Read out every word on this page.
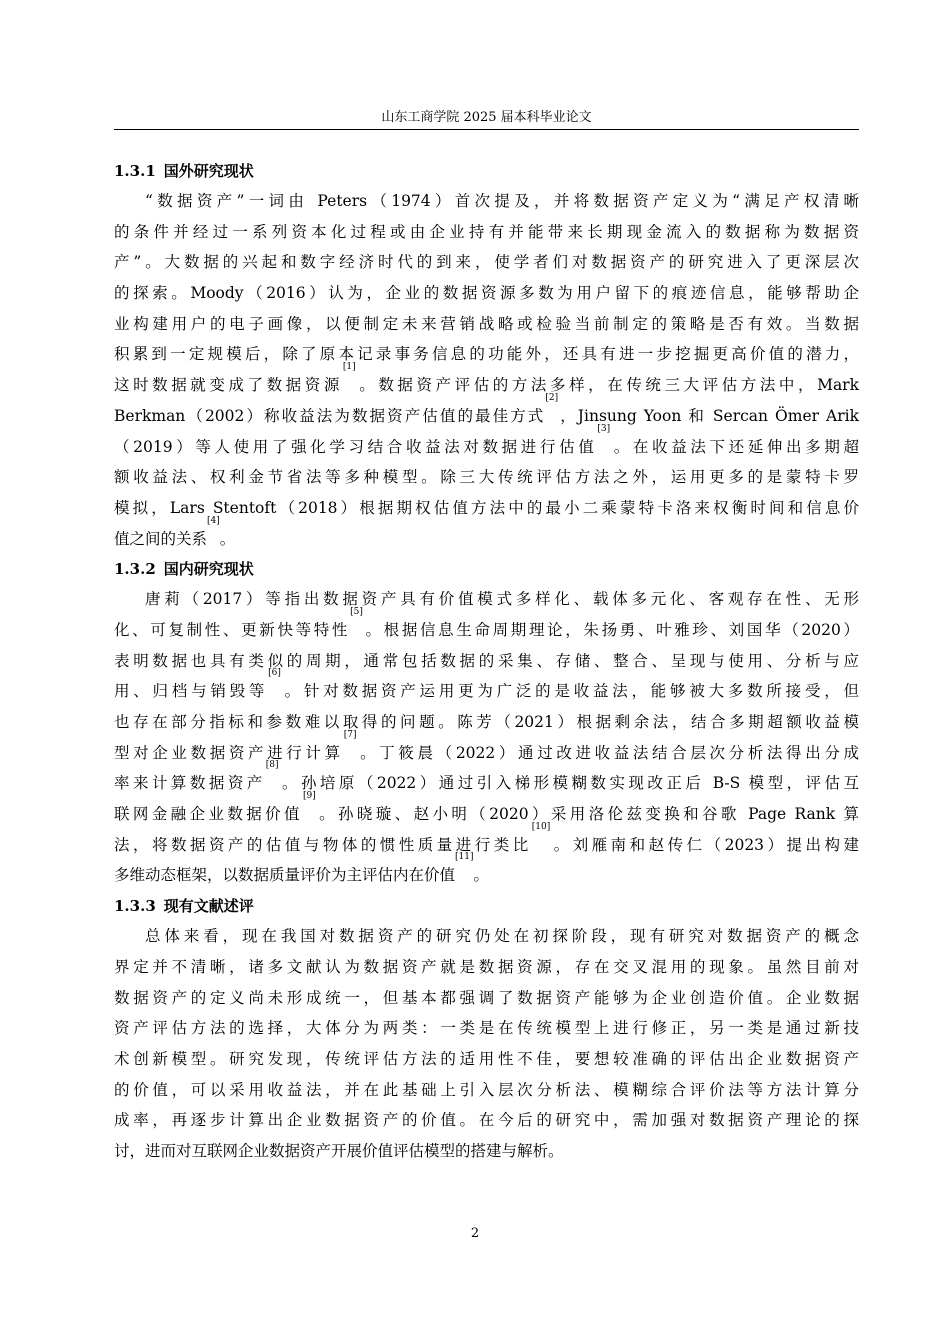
山东工商学院 2025 届本科毕业论文
1.3.1 国外研究现状
“数据资产”一词由 Peters（1974）首次提及，并将数据资产定义为“满足产权清晰
的条件并经过一系列资本化过程或由企业持有并能带来长期现金流入的数据称为数据资
产”。大数据的兴起和数字经济时代的到来，使学者们对数据资产的研究进入了更深层次
的探索。Moody（2016）认为，企业的数据资源多数为用户留下的痕迹信息，能够帮助企
业构建用户的电子画像，以便制定未来营销战略或检验当前制定的策略是否有效。当数据
积累到一定规模后，除了原本记录事务信息的功能外，还具有进一步挖掘更高价值的潜力，
这时数据就变成了数据资源[1]。数据资产评估的方法多样，在传统三大评估方法中，Mark
Berkman（2002）称收益法为数据资产估值的最佳方式[2]，Jinsung Yoon 和 Sercan Ömer Arik
（2019）等人使用了强化学习结合收益法对数据进行估值[3]。在收益法下还延伸出多期超
额收益法、权利金节省法等多种模型。除三大传统评估方法之外，运用更多的是蒙特卡罗
模拟，Lars Stentoft（2018）根据期权估值方法中的最小二乘蒙特卡洛来权衡时间和信息价
值之间的关系[4]。
1.3.2 国内研究现状
唐莉（2017）等指出数据资产具有价值模式多样化、载体多元化、客观存在性、无形
化、可复制性、更新快等特性[5]。根据信息生命周期理论，朱扬勇、叶雅珍、刘国华（2020）
表明数据也具有类似的周期，通常包括数据的采集、存储、整合、呈现与使用、分析与应
用、归档与销毁等[6]。针对数据资产运用更为广泛的是收益法，能够被大多数所接受，但
也存在部分指标和参数难以取得的问题。陈芳（2021）根据剩余法，结合多期超额收益模
型对企业数据资产进行计算[7]。丁筱晨（2022）通过改进收益法结合层次分析法得出分成
率来计算数据资产[8]。孙培原（2022）通过引入梯形模糊数实现改正后 B-S 模型，评估互
联网金融企业数据价值[9]。孙晓璇、赵小明（2020）采用洛伦兹变换和谷歌 Page Rank 算
法，将数据资产的估值与物体的惯性质量进行类比[10]。刘雁南和赵传仁（2023）提出构建
多维动态框架，以数据质量评价为主评估内在价值[11]。
1.3.3 现有文献述评
总体来看，现在我国对数据资产的研究仍处在初探阶段，现有研究对数据资产的概念
界定并不清晰，诸多文献认为数据资产就是数据资源，存在交叉混用的现象。虽然目前对
数据资产的定义尚未形成统一，但基本都强调了数据资产能够为企业创造价值。企业数据
资产评估方法的选择，大体分为两类：一类是在传统模型上进行修正，另一类是通过新技
术创新模型。研究发现，传统评估方法的适用性不佳，要想较准确的评估出企业数据资产
的价值，可以采用收益法，并在此基础上引入层次分析法、模糊综合评价法等方法计算分
成率，再逐步计算出企业数据资产的价值。在今后的研究中，需加强对数据资产理论的探
讨，进而对互联网企业数据资产开展价值评估模型的搭建与解析。
2
